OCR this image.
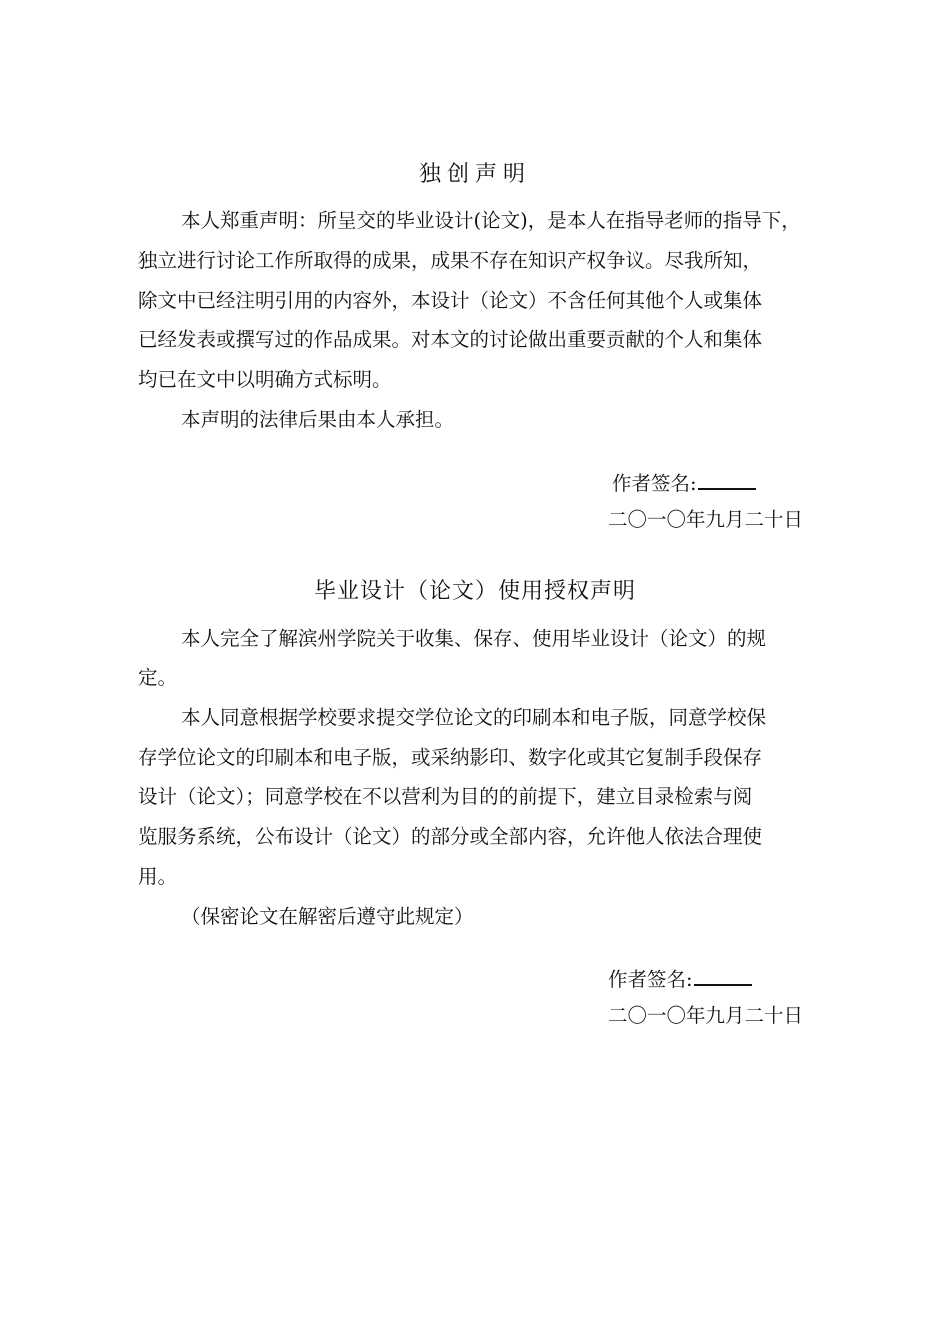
独创声明
本人郑重声明：所呈交的毕业设计(论文)，是本人在指导老师的指导下，
独立进行讨论工作所取得的成果，成果不存在知识产权争议。尽我所知，
除文中已经注明引用的内容外，本设计（论文）不含任何其他个人或集体
已经发表或撰写过的作品成果。对本文的讨论做出重要贡献的个人和集体
均已在文中以明确方式标明。
本声明的法律后果由本人承担。
作者签名:
二〇一〇年九月二十日
毕业设计（论文）使用授权声明
本人完全了解滨州学院关于收集、保存、使用毕业设计（论文）的规
定。
本人同意根据学校要求提交学位论文的印刷本和电子版，同意学校保
存学位论文的印刷本和电子版，或采纳影印、数字化或其它复制手段保存
设计（论文）；同意学校在不以营利为目的的前提下，建立目录检索与阅
览服务系统，公布设计（论文）的部分或全部内容，允许他人依法合理使
用。
（保密论文在解密后遵守此规定）
作者签名:
二〇一〇年九月二十日
